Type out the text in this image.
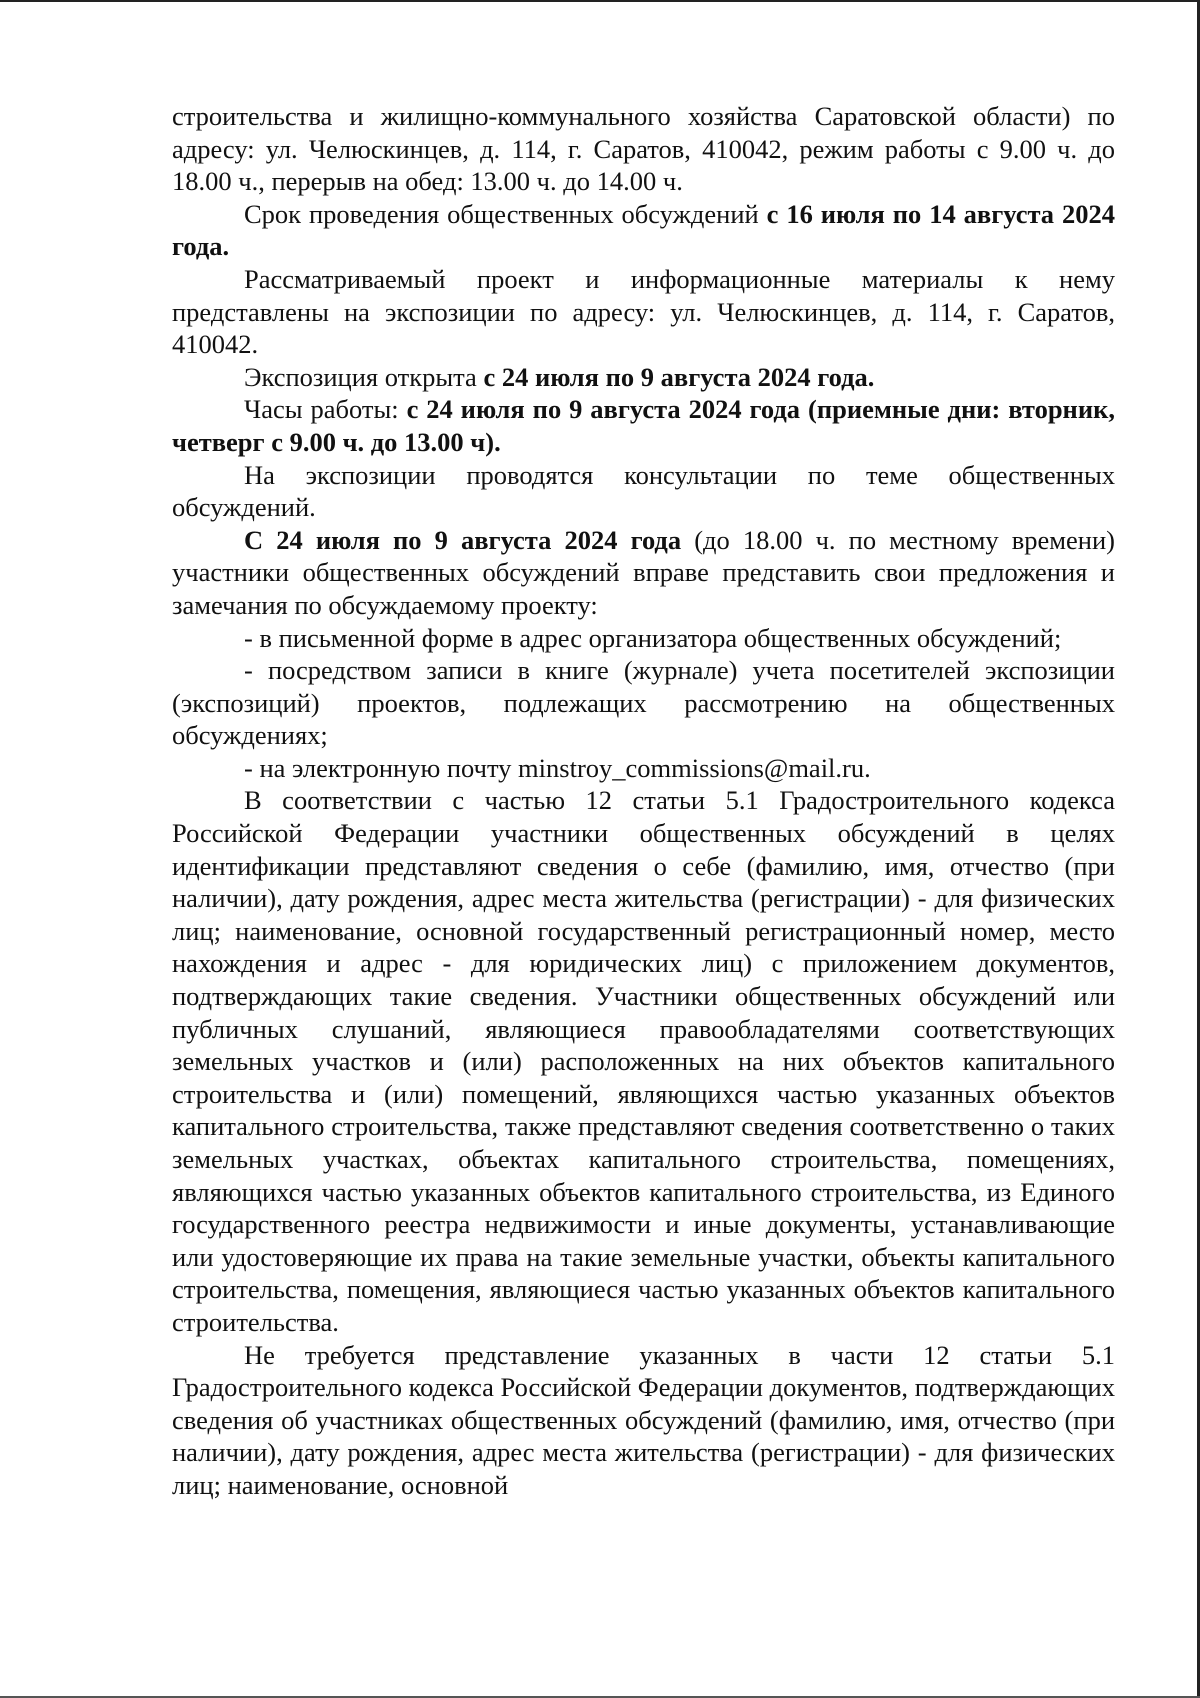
строительства и жилищно-коммунального хозяйства Саратовской области) по адресу: ул. Челюскинцев, д. 114, г. Саратов, 410042, режим работы с 9.00 ч. до 18.00 ч., перерыв на обед: 13.00 ч. до 14.00 ч.

Срок проведения общественных обсуждений с 16 июля по 14 августа 2024 года.

Рассматриваемый проект и информационные материалы к нему представлены на экспозиции по адресу: ул. Челюскинцев, д. 114, г. Саратов, 410042.

Экспозиция открыта с 24 июля по 9 августа 2024 года.

Часы работы: с 24 июля по 9 августа 2024 года (приемные дни: вторник, четверг с 9.00 ч. до 13.00 ч).

На экспозиции проводятся консультации по теме общественных обсуждений.

С 24 июля по 9 августа 2024 года (до 18.00 ч. по местному времени) участники общественных обсуждений вправе представить свои предложения и замечания по обсуждаемому проекту:

- в письменной форме в адрес организатора общественных обсуждений;

- посредством записи в книге (журнале) учета посетителей экспозиции (экспозиций) проектов, подлежащих рассмотрению на общественных обсуждениях;

- на электронную почту minstroy_commissions@mail.ru.

В соответствии с частью 12 статьи 5.1 Градостроительного кодекса Российской Федерации участники общественных обсуждений в целях идентификации представляют сведения о себе (фамилию, имя, отчество (при наличии), дату рождения, адрес места жительства (регистрации) - для физических лиц; наименование, основной государственный регистрационный номер, место нахождения и адрес - для юридических лиц) с приложением документов, подтверждающих такие сведения. Участники общественных обсуждений или публичных слушаний, являющиеся правообладателями соответствующих земельных участков и (или) расположенных на них объектов капитального строительства и (или) помещений, являющихся частью указанных объектов капитального строительства, также представляют сведения соответственно о таких земельных участках, объектах капитального строительства, помещениях, являющихся частью указанных объектов капитального строительства, из Единого государственного реестра недвижимости и иные документы, устанавливающие или удостоверяющие их права на такие земельные участки, объекты капитального строительства, помещения, являющиеся частью указанных объектов капитального строительства.

Не требуется представление указанных в части 12 статьи 5.1 Градостроительного кодекса Российской Федерации документов, подтверждающих сведения об участниках общественных обсуждений (фамилию, имя, отчество (при наличии), дату рождения, адрес места жительства (регистрации) - для физических лиц; наименование, основной
